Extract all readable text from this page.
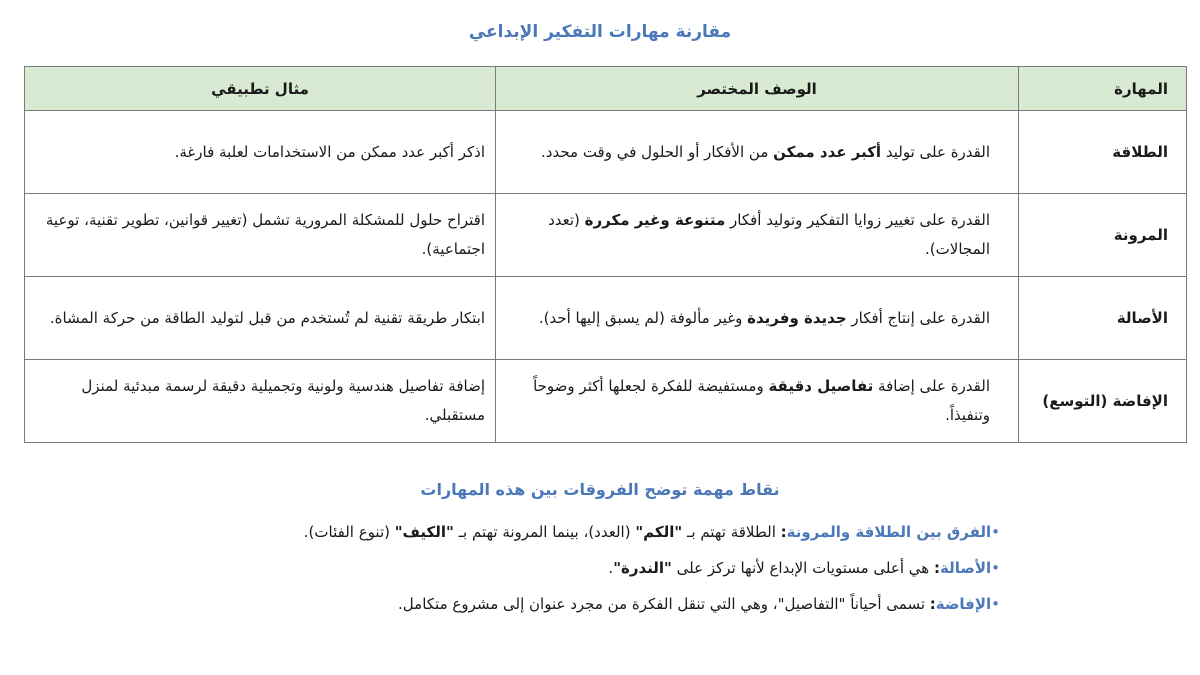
مقارنة مهارات التفكير الإبداعي
المهارة	الوصف المختصر	مثال تطبيقي
الطلاقة	القدرة على توليد أكبر عدد ممكن من الأفكار أو الحلول في وقت محدد.	اذكر أكبر عدد ممكن من الاستخدامات لعلبة فارغة.
المرونة	القدرة على تغيير زوايا التفكير وتوليد أفكار متنوعة وغير مكررة (تعدد المجالات).	اقتراح حلول للمشكلة المرورية تشمل (تغيير قوانين، تطوير تقنية، توعية اجتماعية).
الأصالة	القدرة على إنتاج أفكار جديدة وفريدة وغير مألوفة (لم يسبق إليها أحد).	ابتكار طريقة تقنية لم تُستخدم من قبل لتوليد الطاقة من حركة المشاة.
الإفاضة (التوسع)	القدرة على إضافة تفاصيل دقيقة ومستفيضة للفكرة لجعلها أكثر وضوحاً وتنفيذاً.	إضافة تفاصيل هندسية ولونية وتجميلية دقيقة لرسمة مبدئية لمنزل مستقبلي.
نقاط مهمة توضح الفروقات بين هذه المهارات
•الفرق بين الطلاقة والمرونة: الطلاقة تهتم بـ "الكم" (العدد)، بينما المرونة تهتم بـ "الكيف" (تنوع الفئات).
•الأصالة: هي أعلى مستويات الإبداع لأنها تركز على "الندرة".
•الإفاضة: تسمى أحياناً "التفاصيل"، وهي التي تنقل الفكرة من مجرد عنوان إلى مشروع متكامل.
